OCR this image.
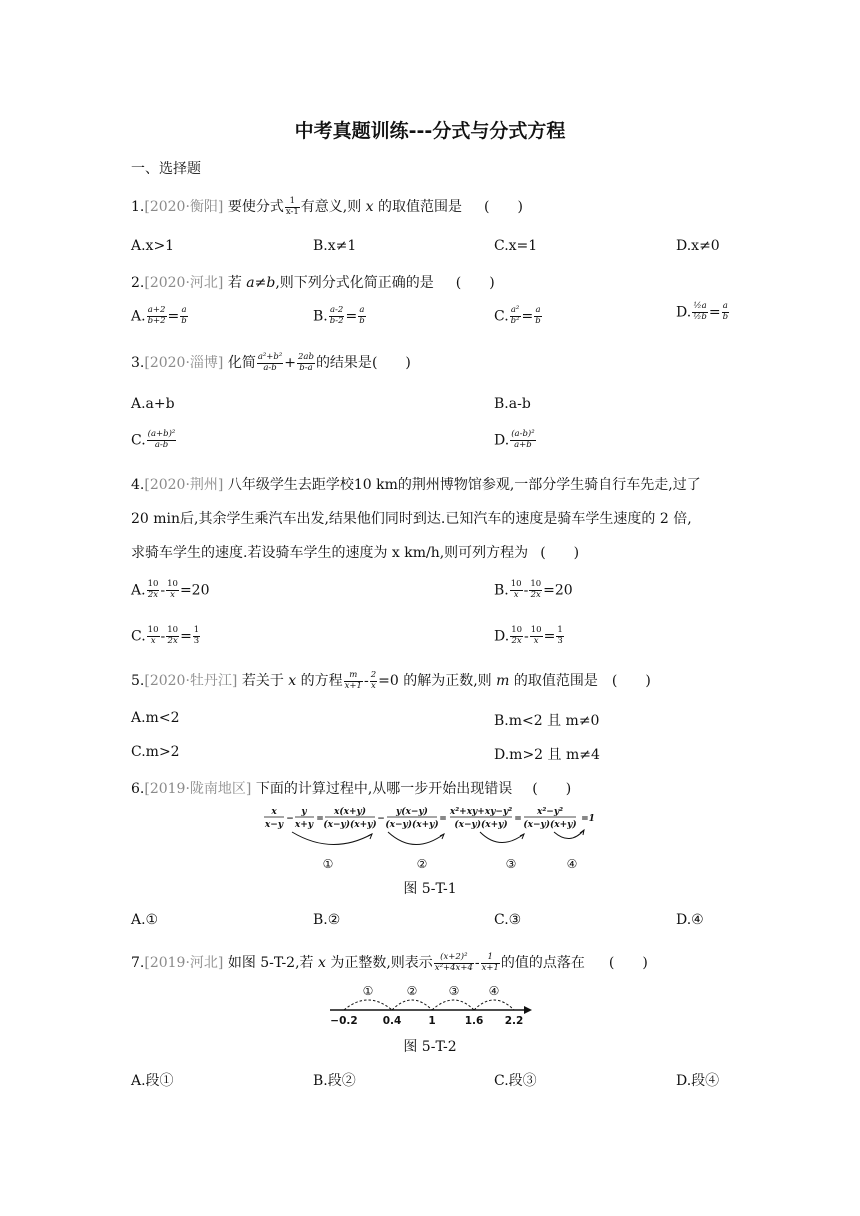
中考真题训练---分式与分式方程
一、选择题
1.[2020·衡阳] 要使分式 $\frac{1}{x-1}$ 有意义,则 x 的取值范围是 (　　)
A.x>1	B.x≠1	C.x=1	D.x≠0
2.[2020·河北] 若 a≠b,则下列分式化简正确的是 (　　)
A. $\frac{a+2}{b+2} = \frac{a}{b}$	B. $\frac{a-2}{b-2} = \frac{a}{b}$	C. $\frac{\text{a²}}{\text{b²}} = \frac{a}{b}$	D. $\frac{\text{½a}}{\text{½b}} = \frac{a}{b}$
3.[2020·淄博] 化简 $\frac{\text{a²+b²}}{a-b} + \frac{2ab}{b-a}$ 的结果是(　　)
A.a+b	B.a-b
C. $\frac{\text{(a+b)²}}{a-b}$	D. $\frac{\text{(a-b)²}}{a+b}$
4.[2020·荆州] 八年级学生去距学校10 km的荆州博物馆参观,一部分学生骑自行车先走,过了
20 min后,其余学生乘汽车出发,结果他们同时到达.已知汽车的速度是骑车学生速度的 2 倍,
求骑车学生的速度.若设骑车学生的速度为 x km/h,则可列方程为 (　　)
A. $\frac{10}{2x} - \frac{10}{x} =20$	B. $\frac{10}{x} - \frac{10}{2x} =20$
C. $\frac{10}{x} - \frac{10}{2x} = \frac{1}{3}$	D. $\frac{10}{2x} - \frac{10}{x} = \frac{1}{3}$
5.[2020·牡丹江] 若关于 x 的方程 $\frac{m}{x+1} - \frac{2}{x} =0$ 的解为正数,则 m 的取值范围是 (　　)
A.m<2	B.m<2 且 m≠0
C.m>2	D.m>2 且 m≠4
6.[2019·陇南地区] 下面的计算过程中,从哪一步开始出现错误 (　　)
x
x−y
−
y
x+y
=
x(x+y)
(x−y)(x+y)
−
y(x−y)
(x−y)(x+y)
=
x²+xy+xy−y²
(x−y)(x+y)
=
x²−y²
(x−y)(x+y)
=1
①	②	③	④
图 5-T-1
A.①	B.②	C.③	D.④
7.[2019·河北] 如图 5-T-2,若 x 为正整数,则表示 $\frac{\text{(x+2)²}}{\text{x²+4x+4}} - \frac{1}{x+1}$ 的值的点落在 (　　)
①	②	③ ④
−0.2 0.4	1	1.6 2.2
图 5-T-2
A.段①	B.段②	C.段③	D.段④
